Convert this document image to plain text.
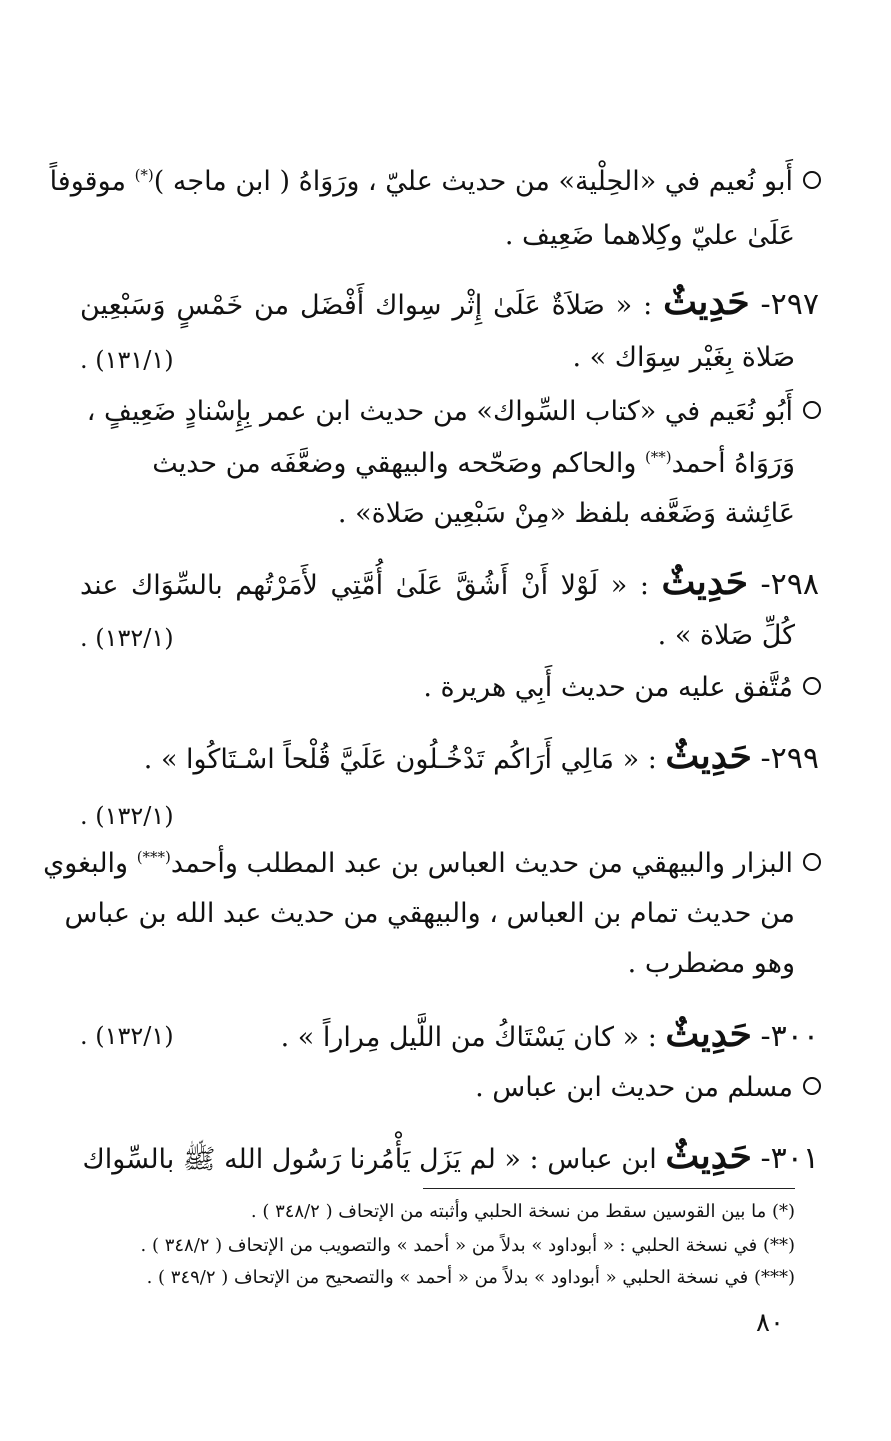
أَبو نُعيم في «الحِلْية» من حديث عليّ ، ورَوَاهُ ( ابن ماجه )(*) موقوفاً
عَلَىٰ عليّ وكِلاهما ضَعِيف .
٢٩٧- حَدِيثٌ : « صَلاَةٌ عَلَىٰ إِثْر سِواك أَفْضَل من خَمْسٍ وَسَبْعِين
صَلاة بِغَيْر سِوَاك » .
(١٣١/١) .
أَبُو نُعَيم في «كتاب السِّواك» من حديث ابن عمر بِإِسْنادٍ ضَعِيفٍ ،
وَرَوَاهُ أحمد(**) والحاكم وصَحّحه والبيهقي وضعَّفَه من حديث
عَائِشة وَضَعَّفه بلفظ «مِنْ سَبْعِين صَلاة» .
٢٩٨- حَدِيثٌ : « لَوْلا أَنْ أَشُقَّ عَلَىٰ أُمَّتِي لأَمَرْتُهم بالسِّوَاك عند
كُلِّ صَلاة » .
(١٣٢/١) .
مُتَّفق عليه من حديث أَبِي هريرة .
٢٩٩- حَدِيثٌ : « مَالِي أَرَاكُم تَدْخُـلُون عَلَيَّ قُلْحاً اسْـتَاكُوا » .
(١٣٢/١) .
البزار والبيهقي من حديث العباس بن عبد المطلب وأحمد(***) والبغوي
من حديث تمام بن العباس ، والبيهقي من حديث عبد الله بن عباس
وهو مضطرب .
٣٠٠- حَدِيثٌ : « كان يَسْتَاكُ من اللَّيل مِراراً » .
(١٣٢/١) .
مسلم من حديث ابن عباس .
٣٠١- حَدِيثٌ ابن عباس : « لم يَزَل يَأْمُرنا رَسُول الله ﷺ بالسِّواك
(*) ما بين القوسين سقط من نسخة الحلبي وأثبته من الإتحاف ( ٣٤٨/٢ ) .
(**) في نسخة الحلبي : « أبوداود » بدلاً من « أحمد » والتصويب من الإتحاف ( ٣٤٨/٢ ) .
(***) في نسخة الحلبي « أبوداود » بدلاً من « أحمد » والتصحيح من الإتحاف ( ٣٤٩/٢ ) .
٨٠
